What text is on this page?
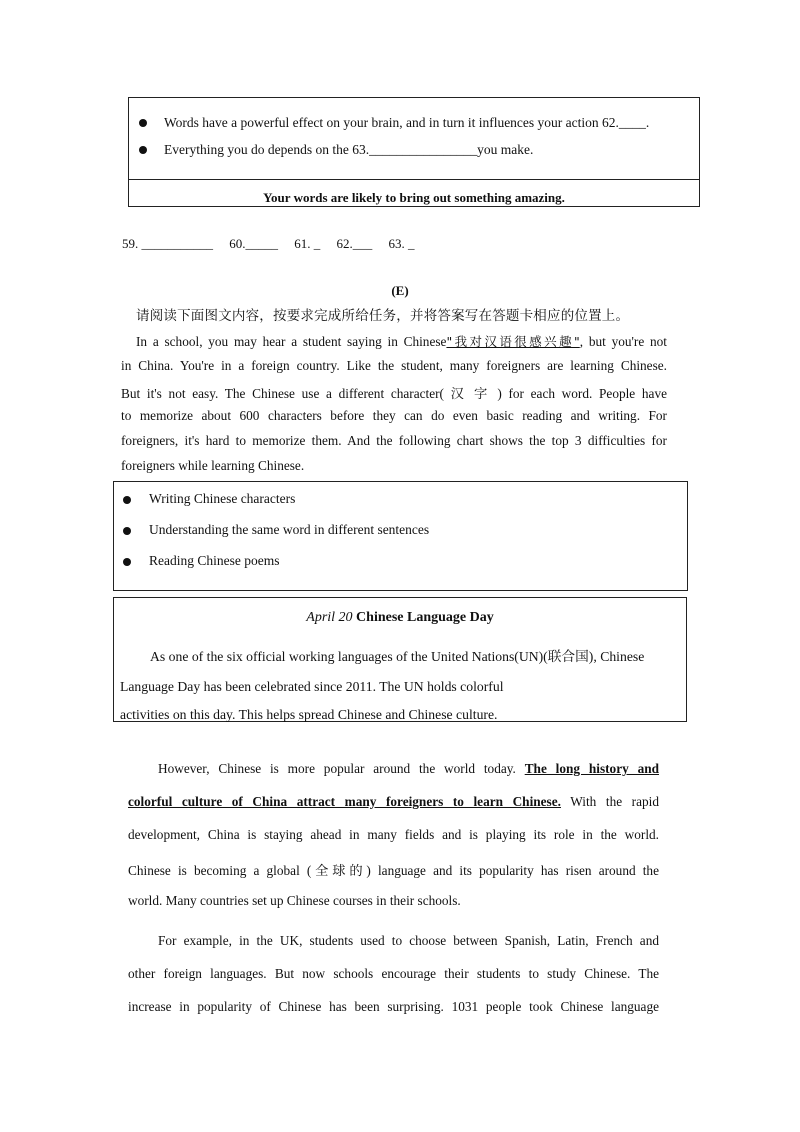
Words have a powerful effect on your brain, and in turn it influences your action 62.____.
Everything you do depends on the 63.________________you make.
Your words are likely to bring out something amazing.
59. ___________     60._____     61. _     62.___     63. _
(E)
请阅读下面图文内容，按要求完成所给任务，并将答案写在答题卡相应的位置上。
In a school, you may hear a student saying in Chinese"我对汉语很感兴趣", but you're not
in China. You're in a foreign country. Like the student, many foreigners are learning Chinese.
But it's not easy. The Chinese use a different character( 汉 字 ) for each word. People have
to memorize about 600 characters before they can do even basic reading and writing. For
foreigners, it's hard to memorize them. And the following chart shows the top 3 difficulties for
foreigners while learning Chinese.
Writing Chinese characters
Understanding the same word in different sentences
Reading Chinese poems
April 20 Chinese Language Day
As one of the six official working languages of the United Nations(UN)(联合国), Chinese
Language Day has been celebrated since 2011. The UN holds colorful
activities on this day. This helps spread Chinese and Chinese culture.
However, Chinese is more popular around the world today. The long history and
colorful culture of China attract many foreigners to learn Chinese. With the rapid
development, China is staying ahead in many fields and is playing its role in the world.
Chinese is becoming a global (全球的) language and its popularity has risen around the
world. Many countries set up Chinese courses in their schools.
For example, in the UK, students used to choose between Spanish, Latin, French and
other foreign languages. But now schools encourage their students to study Chinese. The
increase in popularity of Chinese has been surprising. 1031 people took Chinese language
